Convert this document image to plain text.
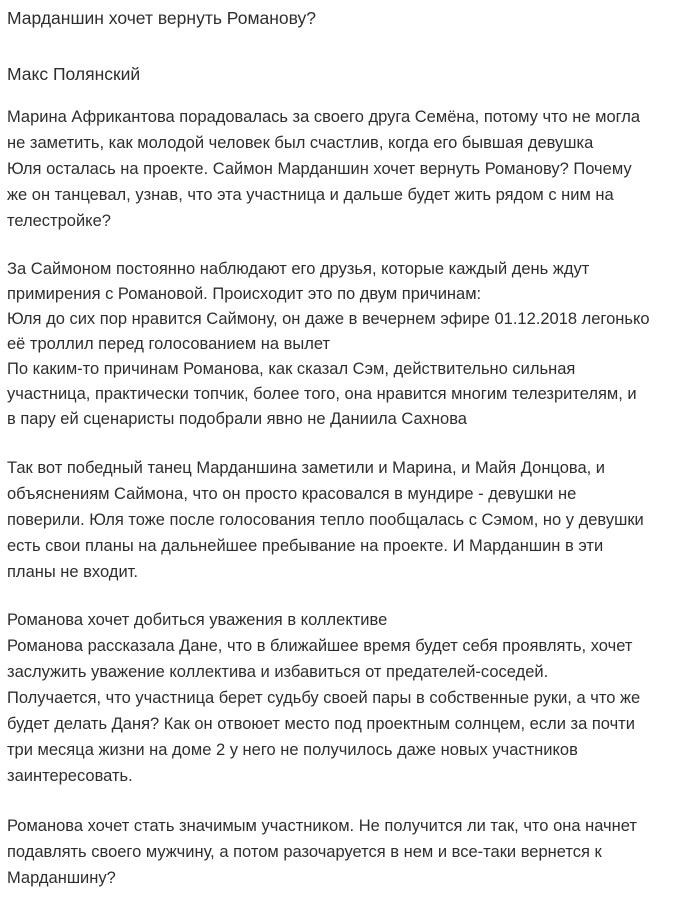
Марданшин хочет вернуть Романову?
Макс Полянский
Марина Африкантова порадовалась за своего друга Семёна, потому что не могла
не заметить, как молодой человек был счастлив, когда его бывшая девушка
Юля осталась на проекте. Саймон Марданшин хочет вернуть Романову? Почему
же он танцевал, узнав, что эта участница и дальше будет жить рядом с ним на
телестройке?
За Саймоном постоянно наблюдают его друзья, которые каждый день ждут
примирения с Романовой. Происходит это по двум причинам:
Юля до сих пор нравится Саймону, он даже в вечернем эфире 01.12.2018 легонько
её троллил перед голосованием на вылет
По каким-то причинам Романова, как сказал Сэм, действительно сильная
участница, практически топчик, более того, она нравится многим телезрителям, и
в пару ей сценаристы подобрали явно не Даниила Сахнова
Так вот победный танец Марданшина заметили и Марина, и Майя Донцова, и
объяснениям Саймона, что он просто красовался в мундире - девушки не
поверили. Юля тоже после голосования тепло пообщалась с Сэмом, но у девушки
есть свои планы на дальнейшее пребывание на проекте. И Марданшин в эти
планы не входит.
Романова хочет добиться уважения в коллективе
Романова рассказала Дане, что в ближайшее время будет себя проявлять, хочет
заслужить уважение коллектива и избавиться от предателей-соседей.
Получается, что участница берет судьбу своей пары в собственные руки, а что же
будет делать Даня? Как он отвоюет место под проектным солнцем, если за почти
три месяца жизни на доме 2 у него не получилось даже новых участников
заинтересовать.
Романова хочет стать значимым участником. Не получится ли так, что она начнет
подавлять своего мужчину, а потом разочаруется в нем и все-таки вернется к
Марданшину?
